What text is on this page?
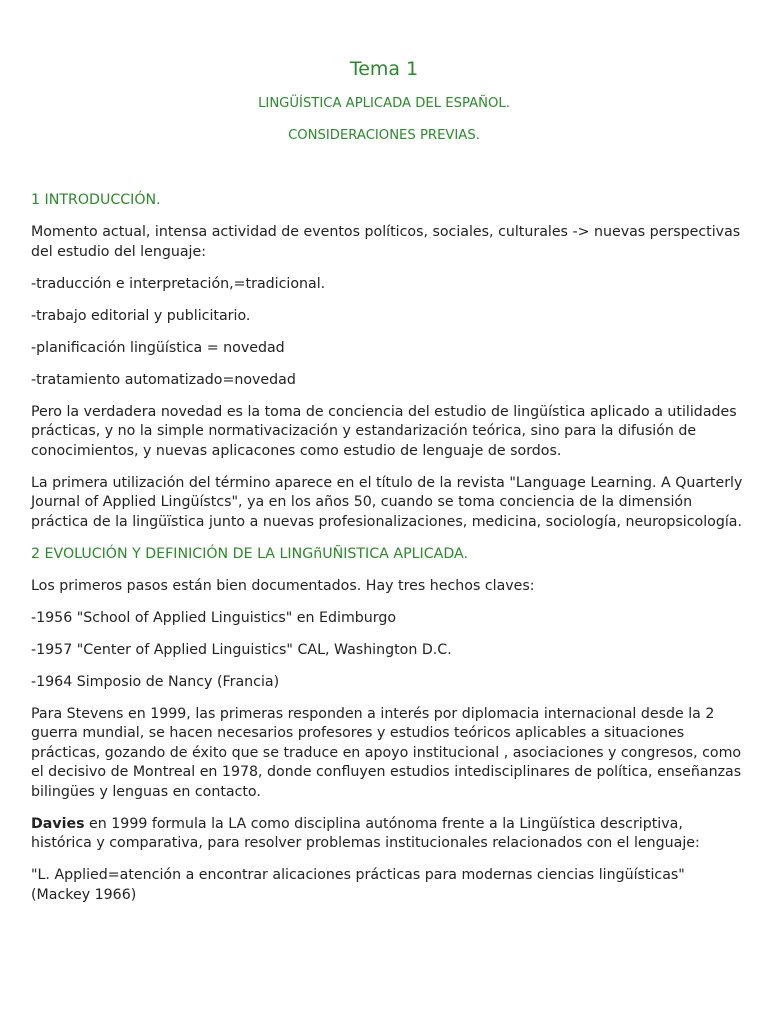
Tema 1
LINGÜÍSTICA APLICADA DEL ESPAÑOL.
CONSIDERACIONES PREVIAS.
1 INTRODUCCIÓN.

Momento actual, intensa actividad de eventos políticos, sociales, culturales -> nuevas perspectivas del estudio del lenguaje:

-traducción e interpretación,=tradicional.

-trabajo editorial y publicitario.

-planificación lingüística = novedad

-tratamiento automatizado=novedad

Pero la verdadera novedad es la toma de conciencia del estudio de lingüística aplicado a utilidades prácticas, y no la simple normativacización y estandarización teórica, sino para la difusión de conocimientos, y nuevas aplicacones como estudio de lenguaje de sordos.

La primera utilización del término aparece en el título de la revista "Language Learning. A Quarterly Journal of Applied Lingüístcs", ya en los años 50, cuando se toma conciencia de la dimensión práctica de la lingüïstica junto a nuevas profesionalizaciones, medicina, sociología, neuropsicología.

2 EVOLUCIÓN Y DEFINICIÓN DE LA LINGñUÑISTICA APLICADA.

Los primeros pasos están bien documentados. Hay tres hechos claves:

-1956 "School of Applied Linguistics" en Edimburgo

-1957 "Center of Applied Linguistics" CAL, Washington D.C.

-1964 Simposio de Nancy (Francia)

Para Stevens en 1999, las primeras responden a interés por diplomacia internacional desde la 2 guerra mundial, se hacen necesarios profesores y estudios teóricos aplicables a situaciones prácticas, gozando de éxito que se traduce en apoyo institucional , asociaciones y congresos, como el decisivo de Montreal en 1978, donde confluyen estudios intedisciplinares de política, enseñanzas bilingües y lenguas en contacto.

Davies en 1999 formula la LA como disciplina autónoma frente a la Lingüística descriptiva, histórica y comparativa, para resolver problemas institucionales relacionados con el lenguaje:

"L. Applied=atención a encontrar alicaciones prácticas para modernas ciencias lingüísticas" (Mackey 1966)
